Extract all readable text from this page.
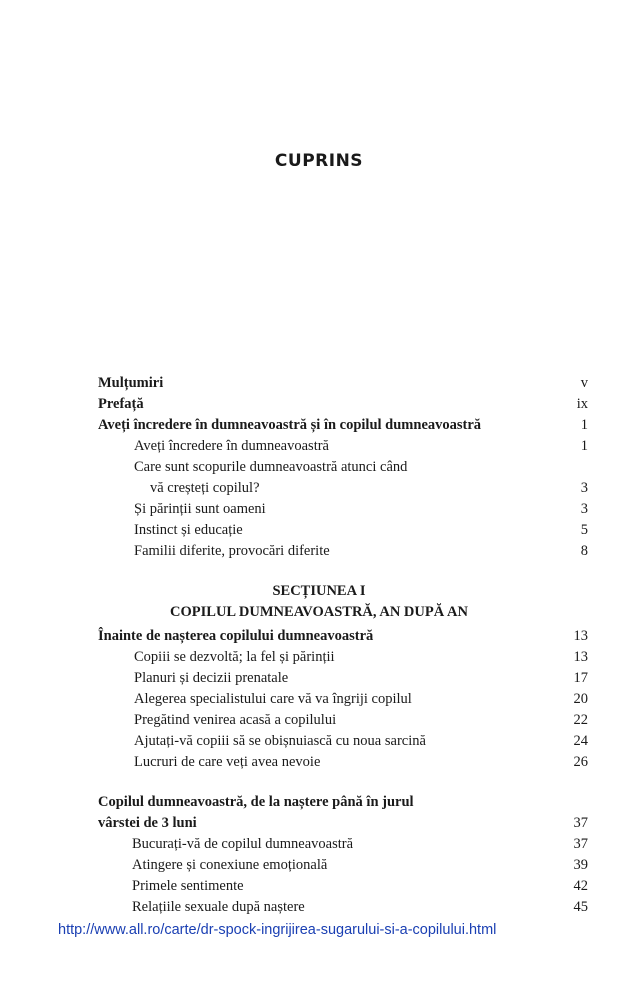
CUPRINS
Mulțumiri	v
Prefață	ix
Aveți încredere în dumneavoastră și în copilul dumneavoastră	1
Aveți încredere în dumneavoastră	1
Care sunt scopurile dumneavoastră atunci când
vă creșteți copilul?	3
Și părinții sunt oameni	3
Instinct și educație	5
Familii diferite, provocări diferite	8
SECȚIUNEA I
COPILUL DUMNEAVOASTRĂ, AN DUPĂ AN
Înainte de nașterea copilului dumneavoastră	13
Copiii se dezvoltă; la fel și părinții	13
Planuri și decizii prenatale	17
Alegerea specialistului care vă va îngriji copilul	20
Pregătind venirea acasă a copilului	22
Ajutați-vă copiii să se obișnuiască cu noua sarcină	24
Lucruri de care veți avea nevoie	26
Copilul dumneavoastră, de la naștere până în jurul
vârstei de 3 luni	37
Bucurați-vă de copilul dumneavoastră	37
Atingere și conexiune emoțională	39
Primele sentimente	42
Relațiile sexuale după naștere	45
http://www.all.ro/carte/dr-spock-ingrijirea-sugarului-si-a-copilului.html
